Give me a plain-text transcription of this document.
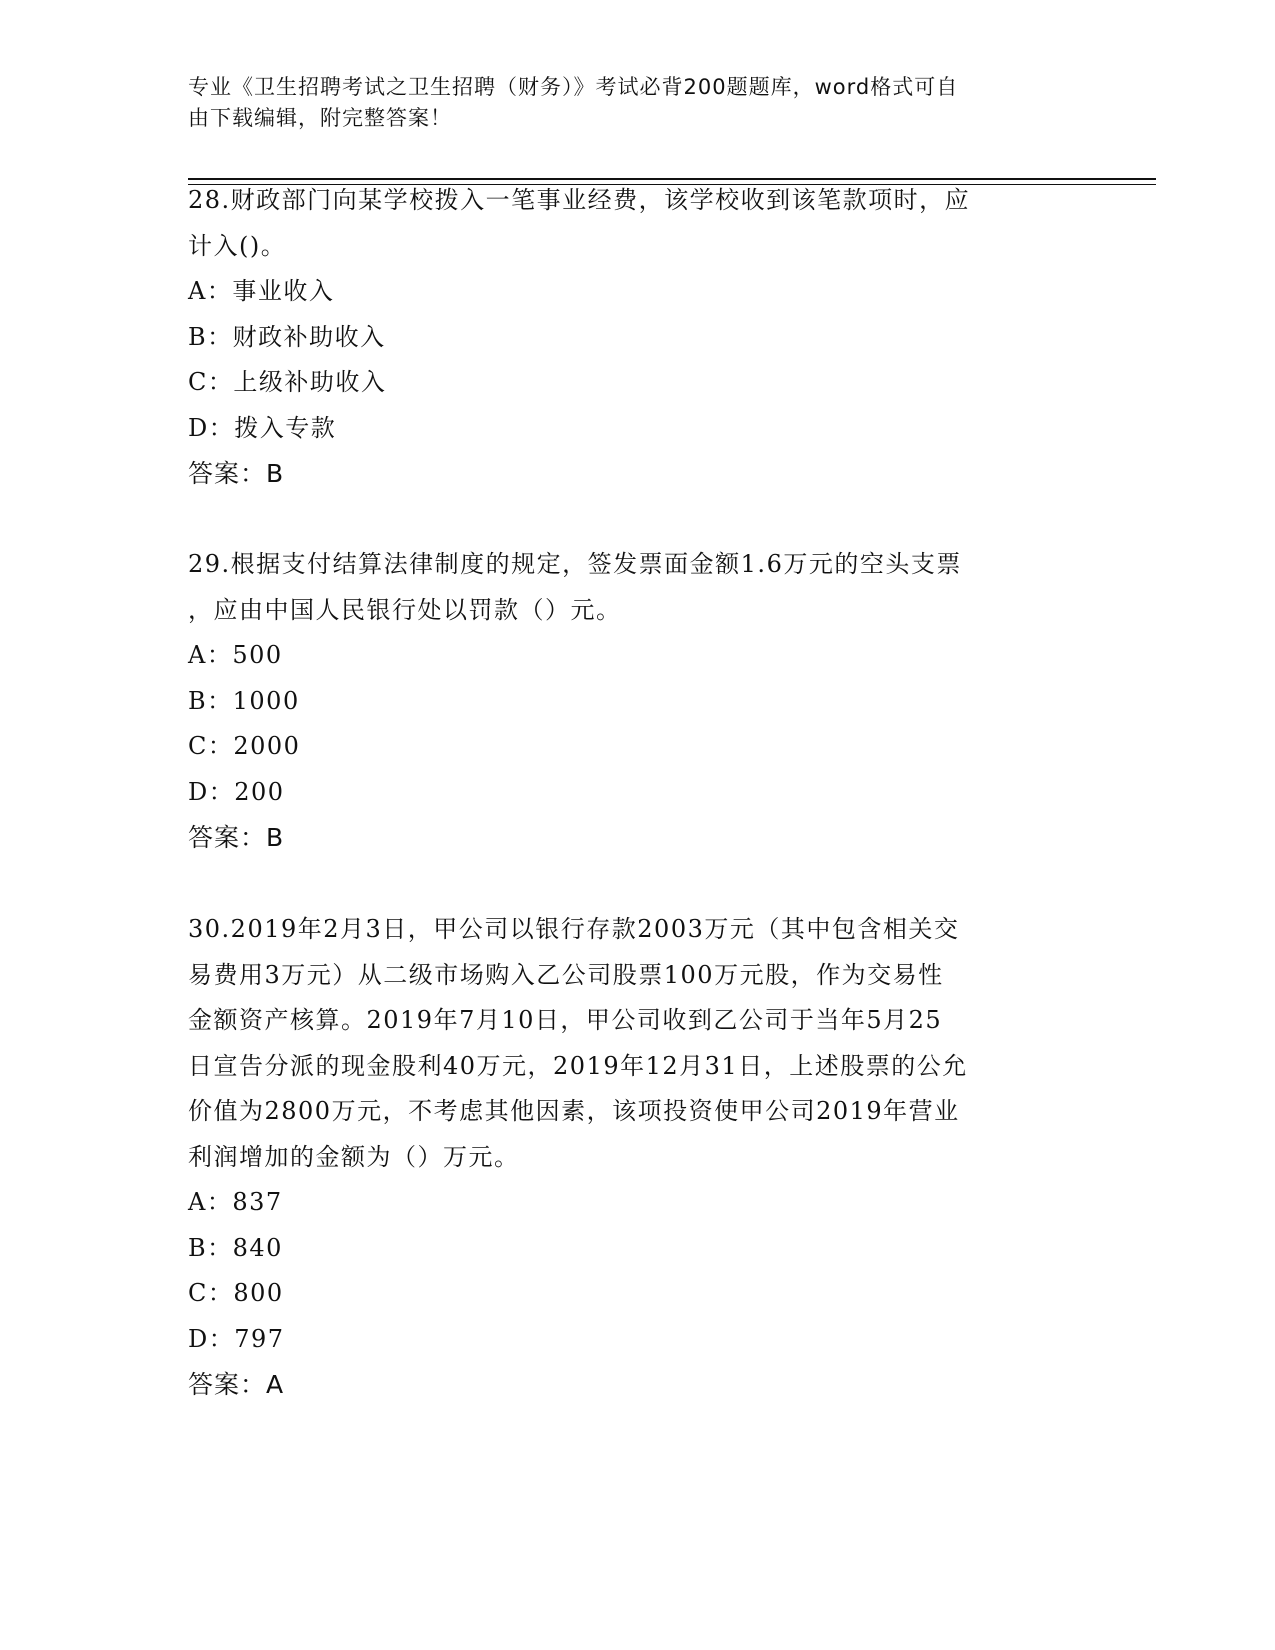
专业《卫生招聘考试之卫生招聘（财务）》考试必背200题题库，word格式可自
由下载编辑，附完整答案！
28.财政部门向某学校拨入一笔事业经费，该学校收到该笔款项时，应
计入()。
A：事业收入
B：财政补助收入
C：上级补助收入
D：拨入专款
答案：B
29.根据支付结算法律制度的规定，签发票面金额1.6万元的空头支票
，应由中国人民银行处以罚款（）元。
A：500
B：1000
C：2000
D：200
答案：B
30.2019年2月3日，甲公司以银行存款2003万元（其中包含相关交
易费用3万元）从二级市场购入乙公司股票100万元股，作为交易性
金额资产核算。2019年7月10日，甲公司收到乙公司于当年5月25
日宣告分派的现金股利40万元，2019年12月31日，上述股票的公允
价值为2800万元，不考虑其他因素，该项投资使甲公司2019年营业
利润增加的金额为（）万元。
A：837
B：840
C：800
D：797
答案：A
